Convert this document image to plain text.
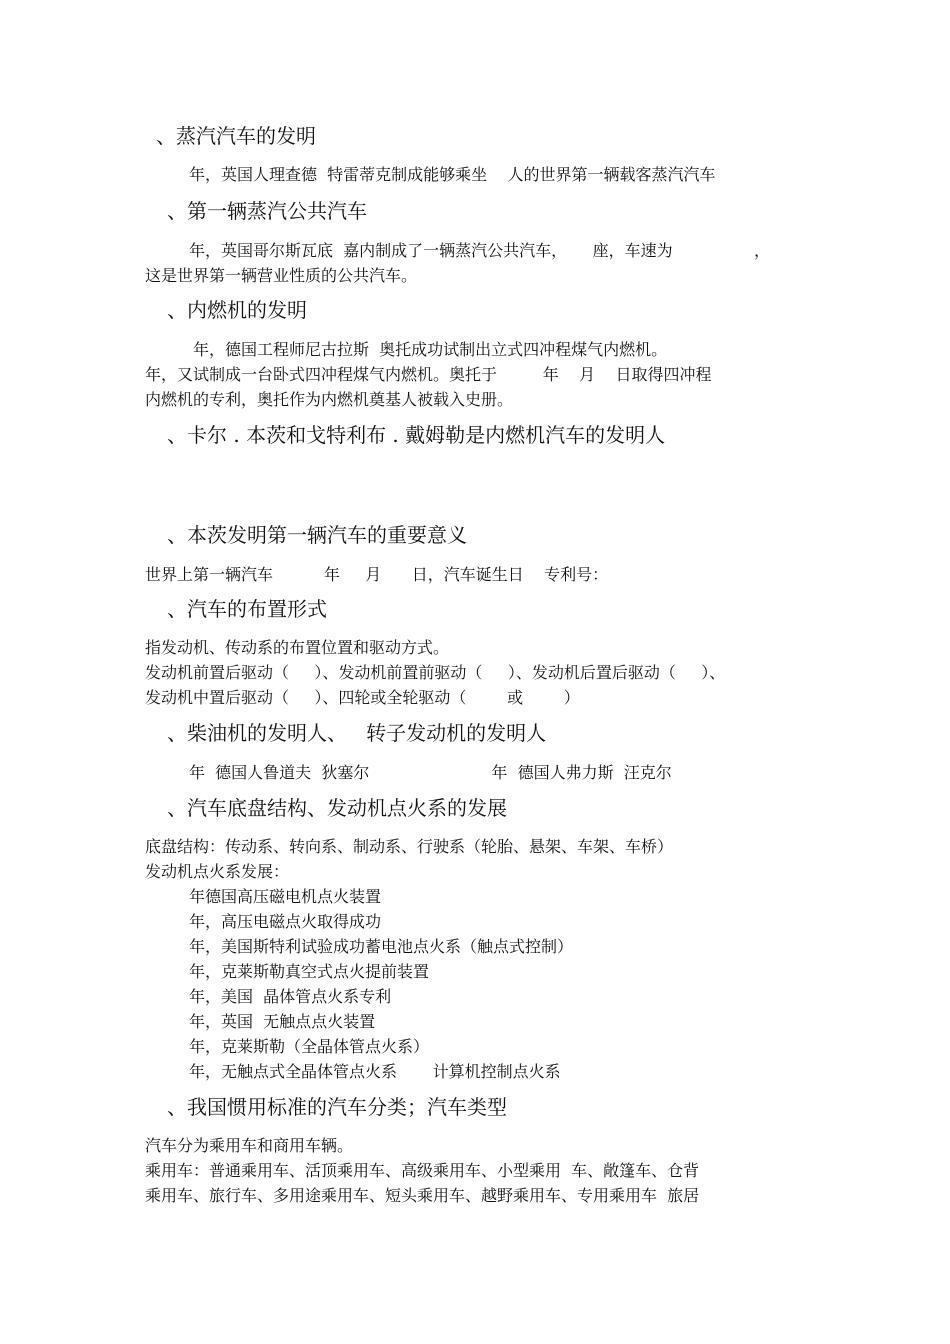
、蒸汽汽车的发明
年，英国人理查德  特雷蒂克制成能够乘坐    人的世界第一辆载客蒸汽汽车
、第一辆蒸汽公共汽车
年，英国哥尔斯瓦底  嘉内制成了一辆蒸汽公共汽车，     座，车速为                ，
这是世界第一辆营业性质的公共汽车。
、内燃机的发明
年，德国工程师尼古拉斯  奥托成功试制出立式四冲程煤气内燃机。
年，又试制成一台卧式四冲程煤气内燃机。奥托于         年    月    日取得四冲程
内燃机的专利，奥托作为内燃机奠基人被载入史册。
、卡尔 . 本茨和戈特利布 . 戴姆勒是内燃机汽车的发明人
、本茨发明第一辆汽车的重要意义
世界上第一辆汽车          年     月      日，汽车诞生日    专利号：
、汽车的布置形式
指发动机、传动系的布置位置和驱动方式。
发动机前置后驱动（     ）、发动机前置前驱动（     ）、发动机后置后驱动（     ）、
发动机中置后驱动（     ）、四轮或全轮驱动（        或        ）
、柴油机的发明人、   转子发动机的发明人
年  德国人鲁道夫  狄塞尔                        年  德国人弗力斯  汪克尔
、汽车底盘结构、发动机点火系的发展
底盘结构：传动系、转向系、制动系、行驶系（轮胎、悬架、车架、车桥）
发动机点火系发展：
年德国高压磁电机点火装置
年，高压电磁点火取得成功
年，美国斯特利试验成功蓄电池点火系（触点式控制）
年，克莱斯勒真空式点火提前装置
年，美国  晶体管点火系专利
年，英国  无触点点火装置
年，克莱斯勒（全晶体管点火系）
年，无触点式全晶体管点火系       计算机控制点火系
、我国惯用标准的汽车分类；汽车类型
汽车分为乘用车和商用车辆。
乘用车：普通乘用车、活顶乘用车、高级乘用车、小型乘用  车、敞篷车、仓背
乘用车、旅行车、多用途乘用车、短头乘用车、越野乘用车、专用乘用车  旅居
